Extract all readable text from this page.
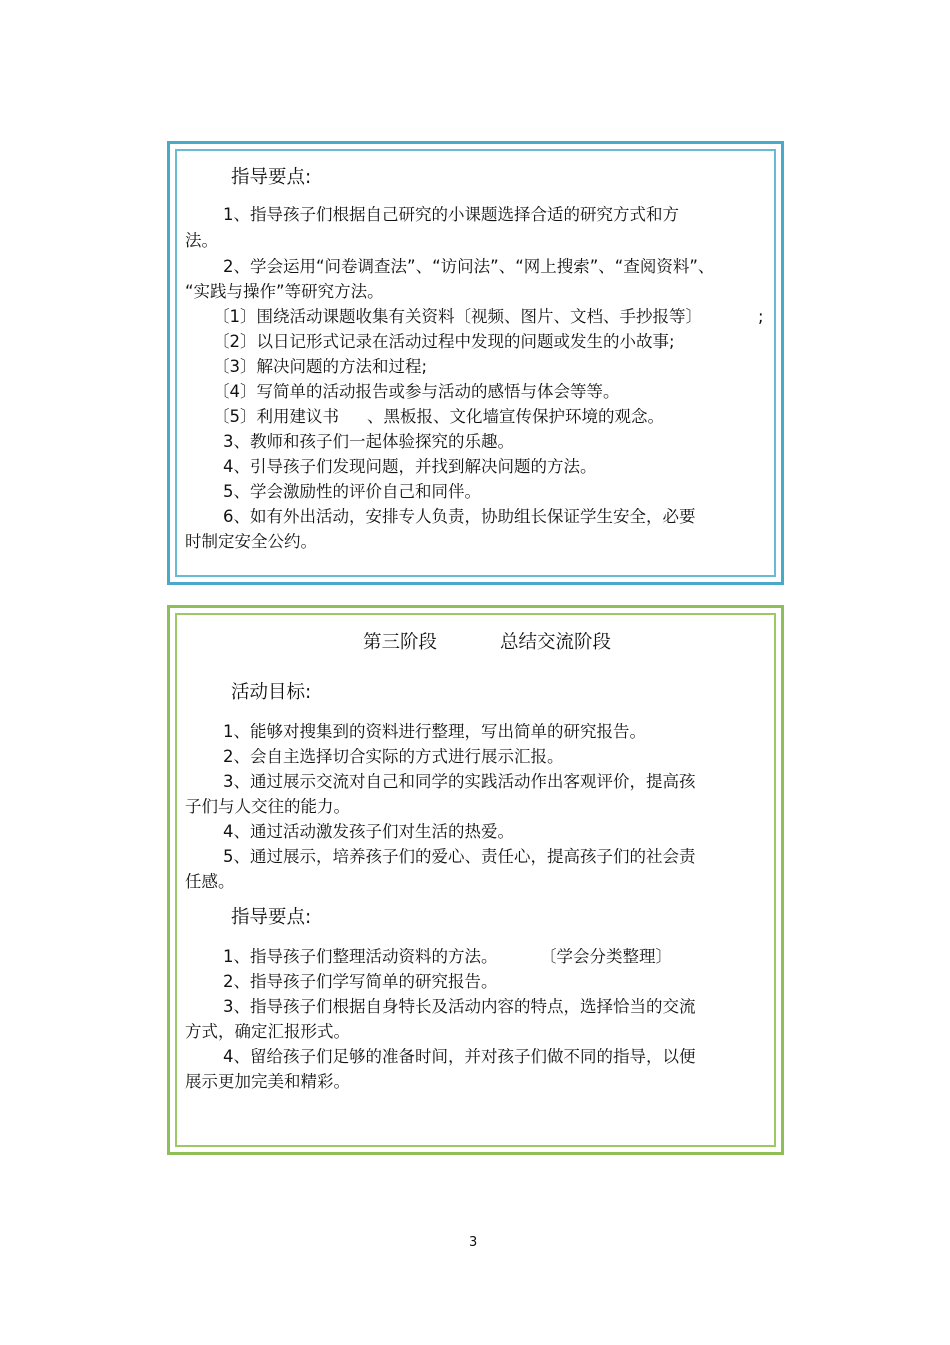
指导要点:
1、指导孩子们根据自己研究的小课题选择合适的研究方式和方
法。
2、学会运用“问卷调查法”、“访问法”、“网上搜索”、“查阅资料”、
“实践与操作”等研究方法。
〔1〕围绕活动课题收集有关资料〔视频、图片、文档、手抄报等〕	;
〔2〕以日记形式记录在活动过程中发现的问题或发生的小故事;
〔3〕解决问题的方法和过程;
〔4〕写简单的活动报告或参与活动的感悟与体会等等。
〔5〕利用建议书 、黑板报、文化墙宣传保护环境的观念。
3、教师和孩子们一起体验探究的乐趣。
4、引导孩子们发现问题，并找到解决问题的方法。
5、学会激励性的评价自己和同伴。
6、如有外出活动，安排专人负责，协助组长保证学生安全，必要
时制定安全公约。
第三阶段	总结交流阶段
活动目标:
1、能够对搜集到的资料进行整理，写出简单的研究报告。
2、会自主选择切合实际的方式进行展示汇报。
3、通过展示交流对自己和同学的实践活动作出客观评价，提高孩
子们与人交往的能力。
4、通过活动激发孩子们对生活的热爱。
5、通过展示，培养孩子们的爱心、责任心，提高孩子们的社会责
任感。
指导要点:
1、指导孩子们整理活动资料的方法。	〔学会分类整理〕
2、指导孩子们学写简单的研究报告。
3、指导孩子们根据自身特长及活动内容的特点，选择恰当的交流
方式，确定汇报形式。
4、留给孩子们足够的准备时间，并对孩子们做不同的指导，以便
展示更加完美和精彩。
3
